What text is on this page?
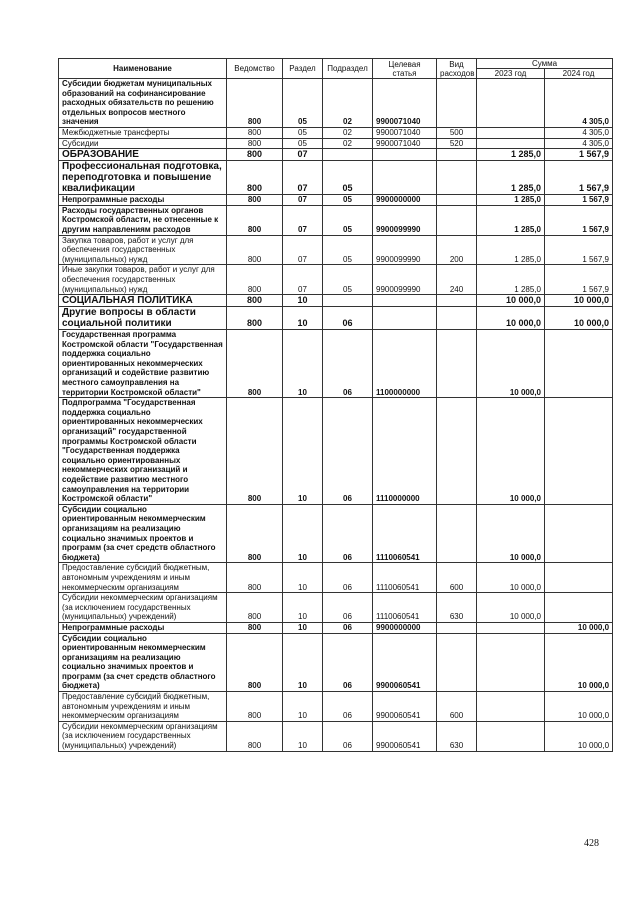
Наименование	Ведомство	Раздел	Подраздел	Целевая статья	Вид расходов	Сумма	
						2023 год	2024 год
Субсидии бюджетам муниципальных образований на софинансирование расходных обязательств по решению отдельных вопросов местного значения	800	05	02	9900071040			4 305,0
Межбюджетные трансферты	800	05	02	9900071040	500		4 305,0
Субсидии	800	05	02	9900071040	520		4 305,0
ОБРАЗОВАНИЕ	800	07				1 285,0	1 567,9
Профессиональная подготовка, переподготовка и повышение квалификации	800	07	05			1 285,0	1 567,9
Непрограммные расходы	800	07	05	9900000000		1 285,0	1 567,9
Расходы государственных органов Костромской области, не отнесенные к другим направлениям расходов	800	07	05	9900099990		1 285,0	1 567,9
Закупка товаров, работ и услуг для обеспечения государственных (муниципальных) нужд	800	07	05	9900099990	200	1 285,0	1 567,9
Иные закупки товаров, работ и услуг для обеспечения государственных (муниципальных) нужд	800	07	05	9900099990	240	1 285,0	1 567,9
СОЦИАЛЬНАЯ ПОЛИТИКА	800	10				10 000,0	10 000,0
Другие вопросы в области социальной политики	800	10	06			10 000,0	10 000,0
Государственная программа Костромской области "Государственная поддержка социально ориентированных некоммерческих организаций и содействие развитию местного самоуправления на территории Костромской области"	800	10	06	1100000000		10 000,0	
Подпрограмма "Государственная поддержка социально ориентированных некоммерческих организаций" государственной программы Костромской области "Государственная поддержка социально ориентированных некоммерческих организаций и содействие развитию местного самоуправления на территории Костромской области"	800	10	06	1110000000		10 000,0	
Субсидии социально ориентированным некоммерческим организациям на реализацию социально значимых проектов и программ (за счет средств областного бюджета)	800	10	06	1110060541		10 000,0	
Предоставление субсидий бюджетным, автономным учреждениям и иным некоммерческим организациям	800	10	06	1110060541	600	10 000,0	
Субсидии некоммерческим организациям (за исключением государственных (муниципальных) учреждений)	800	10	06	1110060541	630	10 000,0	
Непрограммные расходы	800	10	06	9900000000			10 000,0
Субсидии социально ориентированным некоммерческим организациям на реализацию социально значимых проектов и программ (за счет средств областного бюджета)	800	10	06	9900060541			10 000,0
Предоставление субсидий бюджетным, автономным учреждениям и иным некоммерческим организациям	800	10	06	9900060541	600		10 000,0
Субсидии некоммерческим организациям (за исключением государственных (муниципальных) учреждений)	800	10	06	9900060541	630		10 000,0
428
